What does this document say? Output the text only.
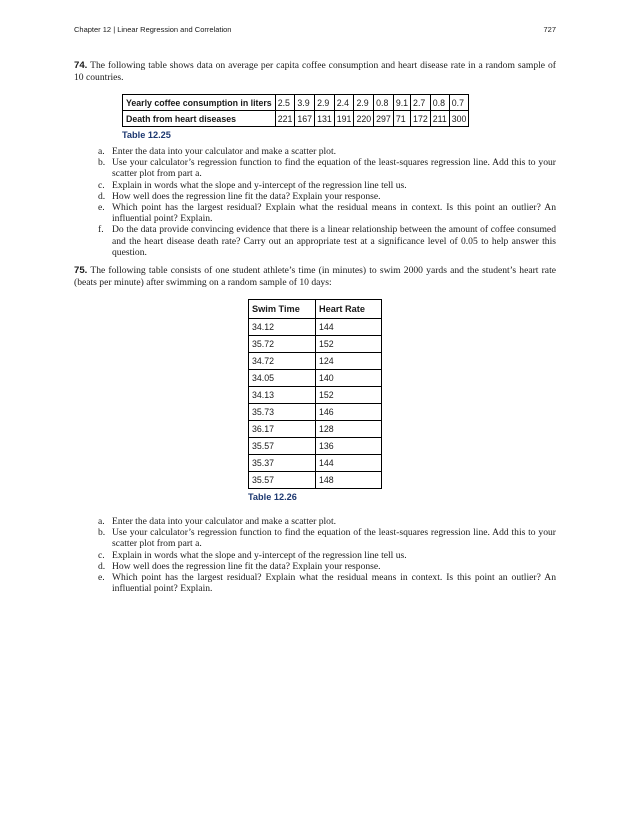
Chapter 12 | Linear Regression and Correlation	727

74. The following table shows data on average per capita coffee consumption and heart disease rate in a random sample of 10 countries.

Yearly coffee consumption in liters	2.5	3.9	2.9	2.4	2.9	0.8	9.1	2.7	0.8	0.7
Death from heart diseases	221	167	131	191	220	297	71	172	211	300
Table 12.25
a. Enter the data into your calculator and make a scatter plot.
b. Use your calculator’s regression function to find the equation of the least-squares regression line. Add this to your scatter plot from part a.
c. Explain in words what the slope and y-intercept of the regression line tell us.
d. How well does the regression line fit the data? Explain your response.
e. Which point has the largest residual? Explain what the residual means in context. Is this point an outlier? An influential point? Explain.
f. Do the data provide convincing evidence that there is a linear relationship between the amount of coffee consumed and the heart disease death rate? Carry out an appropriate test at a significance level of 0.05 to help answer this question.

75. The following table consists of one student athlete’s time (in minutes) to swim 2000 yards and the student’s heart rate (beats per minute) after swimming on a random sample of 10 days:

Swim Time	Heart Rate
34.12	144
35.72	152
34.72	124
34.05	140
34.13	152
35.73	146
36.17	128
35.57	136
35.37	144
35.57	148
Table 12.26
a. Enter the data into your calculator and make a scatter plot.
b. Use your calculator’s regression function to find the equation of the least-squares regression line. Add this to your scatter plot from part a.
c. Explain in words what the slope and y-intercept of the regression line tell us.
d. How well does the regression line fit the data? Explain your response.
e. Which point has the largest residual? Explain what the residual means in context. Is this point an outlier? An influential point? Explain.
